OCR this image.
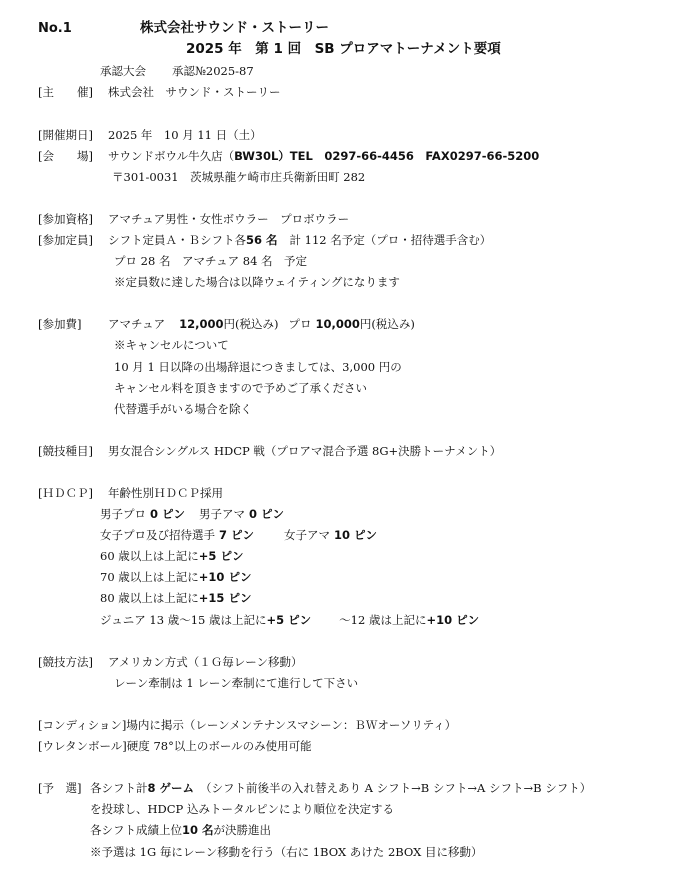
No.1	株式会社サウンド・ストーリー
2025 年　第 1 回　SB プロアマトーナメント要項
承認大会 承認№2025-87
[主　　催] 株式会社　サウンド・ストーリー
[開催期日] 2025 年　10 月 11 日（土）
[会　　場] サウンドボウル牛久店（BW30L）TEL　0297-66-4456　FAX0297-66-5200
〒301-0031　茨城県龍ケ崎市庄兵衛新田町 282
[参加資格] アマチュア男性・女性ボウラー　プロボウラー
[参加定員] シフト定員Ａ・Ｂシフト各56 名 計 112 名予定（プロ・招待選手含む）
プロ 28 名　アマチュア 84 名　予定
※定員数に達した場合は以降ウェイティングになります
[参加費] アマチュア 12,000円(税込み) プロ 10,000円(税込み)
※キャンセルについて
10 月 1 日以降の出場辞退につきましては、3,000 円の
キャンセル料を頂きますので予めご了承ください
代替選手がいる場合を除く
[競技種目] 男女混合シングルス HDCP 戦（プロアマ混合予選 8G+決勝トーナメント）
[ＨＤＣＰ] 年齢性別ＨＤＣＰ採用
男子プロ 0 ピン 男子アマ 0 ピン
女子プロ及び招待選手 7 ピン	女子アマ 10 ピン
60 歳以上は上記に+5 ピン
70 歳以上は上記に+10 ピン
80 歳以上は上記に+15 ピン
ジュニア 13 歳～15 歳は上記に+5 ピン ～12 歳は上記に+10 ピン
[競技方法] アメリカン方式（１Ｇ毎レーン移動）
レーン牽制は 1 レーン牽制にて進行して下さい
[コンディション]場内に掲示（レーンメンテナンスマシーン：ＢＷオーソリティ）
[ウレタンボール]硬度 78°以上のボールのみ使用可能
[予　選] 各シフト計8 ゲーム （シフト前後半の入れ替えあり A シフト→B シフト→A シフト→B シフト）
を投球し、HDCP 込みトータルピンにより順位を決定する
各シフト成績上位10 名が決勝進出
※予選は 1G 毎にレーン移動を行う（右に 1BOX あけた 2BOX 目に移動）
